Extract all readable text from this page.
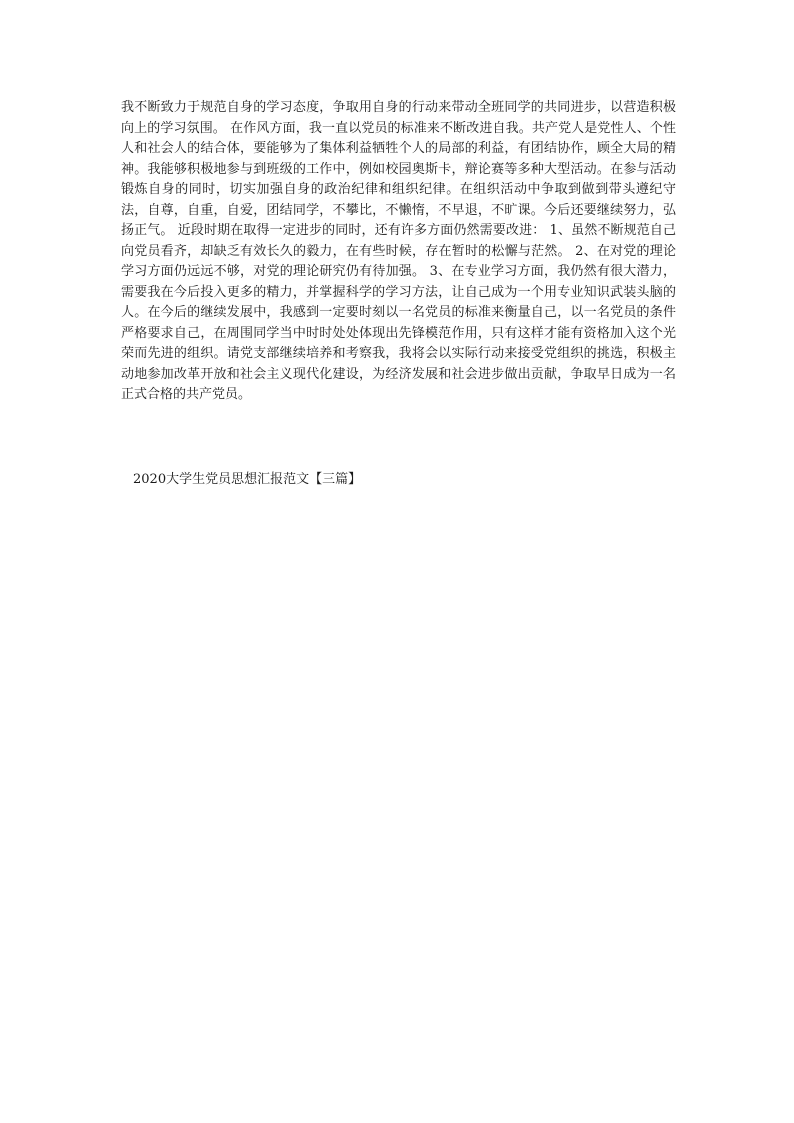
我不断致力于规范自身的学习态度，争取用自身的行动来带动全班同学的共同进步，以营造积极向上的学习氛围。 在作风方面，我一直以党员的标准来不断改进自我。共产党人是党性人、个性人和社会人的结合体，要能够为了集体利益牺牲个人的局部的利益，有团结协作，顾全大局的精神。我能够积极地参与到班级的工作中，例如校园奥斯卡，辩论赛等多种大型活动。在参与活动锻炼自身的同时，切实加强自身的政治纪律和组织纪律。在组织活动中争取到做到带头遵纪守法，自尊，自重，自爱，团结同学，不攀比，不懒惰，不早退，不旷课。今后还要继续努力，弘扬正气。 近段时期在取得一定进步的同时，还有许多方面仍然需要改进： 1、虽然不断规范自己向党员看齐，却缺乏有效长久的毅力，在有些时候，存在暂时的松懈与茫然。 2、在对党的理论学习方面仍远远不够，对党的理论研究仍有待加强。 3、在专业学习方面，我仍然有很大潜力，需要我在今后投入更多的精力，并掌握科学的学习方法，让自己成为一个用专业知识武装头脑的人。在今后的继续发展中，我感到一定要时刻以一名党员的标准来衡量自己，以一名党员的条件严格要求自己，在周围同学当中时时处处体现出先锋模范作用，只有这样才能有资格加入这个光荣而先进的组织。请党支部继续培养和考察我，我将会以实际行动来接受党组织的挑选，积极主动地参加改革开放和社会主义现代化建设，为经济发展和社会进步做出贡献，争取早日成为一名正式合格的共产党员。

2020大学生党员思想汇报范文【三篇】
